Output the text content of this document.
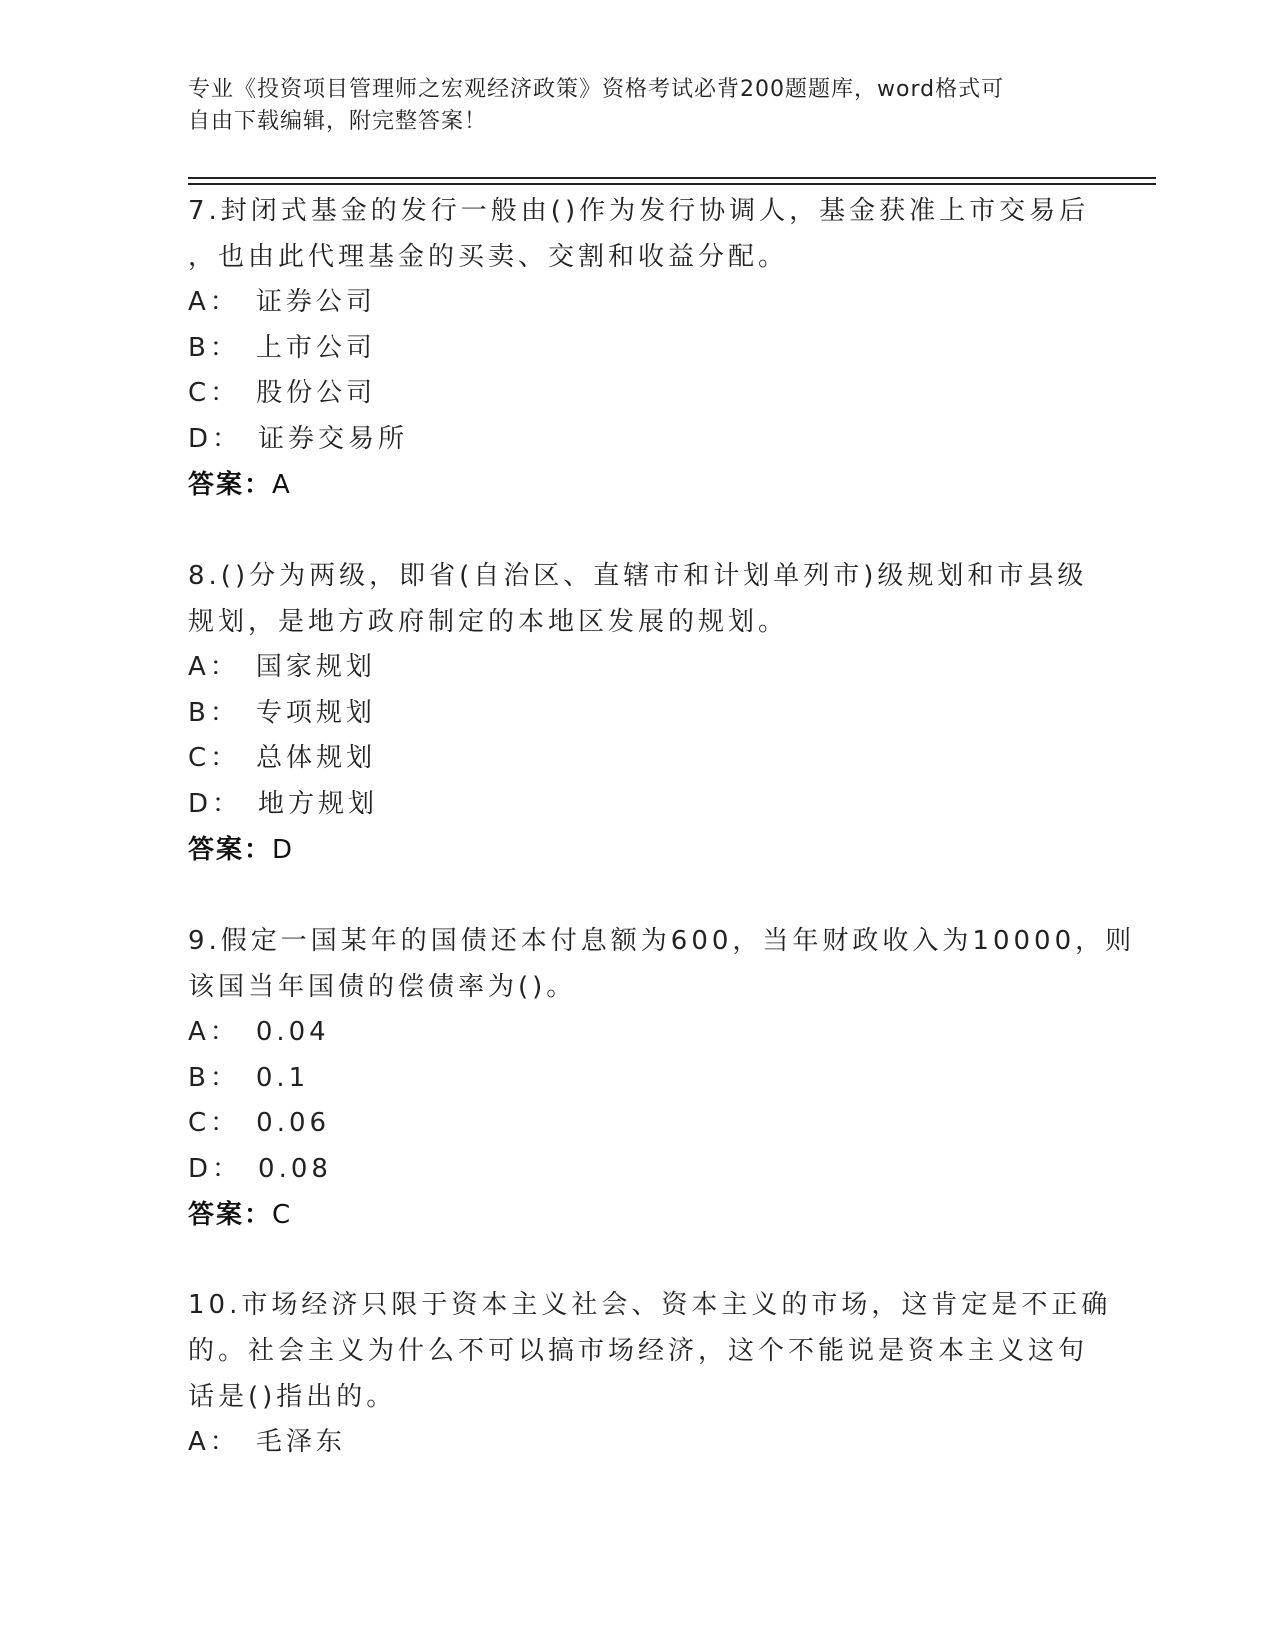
专业《投资项目管理师之宏观经济政策》资格考试必背200题题库，word格式可
自由下载编辑，附完整答案！
7.封闭式基金的发行一般由()作为发行协调人，基金获准上市交易后
，也由此代理基金的买卖、交割和收益分配。
A： 证券公司
B： 上市公司
C： 股份公司
D： 证券交易所
答案：A
8.()分为两级，即省(自治区、直辖市和计划单列市)级规划和市县级
规划，是地方政府制定的本地区发展的规划。
A： 国家规划
B： 专项规划
C： 总体规划
D： 地方规划
答案：D
9.假定一国某年的国债还本付息额为600，当年财政收入为10000，则
该国当年国债的偿债率为()。
A： 0.04
B： 0.1
C： 0.06
D： 0.08
答案：C
10.市场经济只限于资本主义社会、资本主义的市场，这肯定是不正确
的。社会主义为什么不可以搞市场经济，这个不能说是资本主义这句
话是()指出的。
A： 毛泽东
